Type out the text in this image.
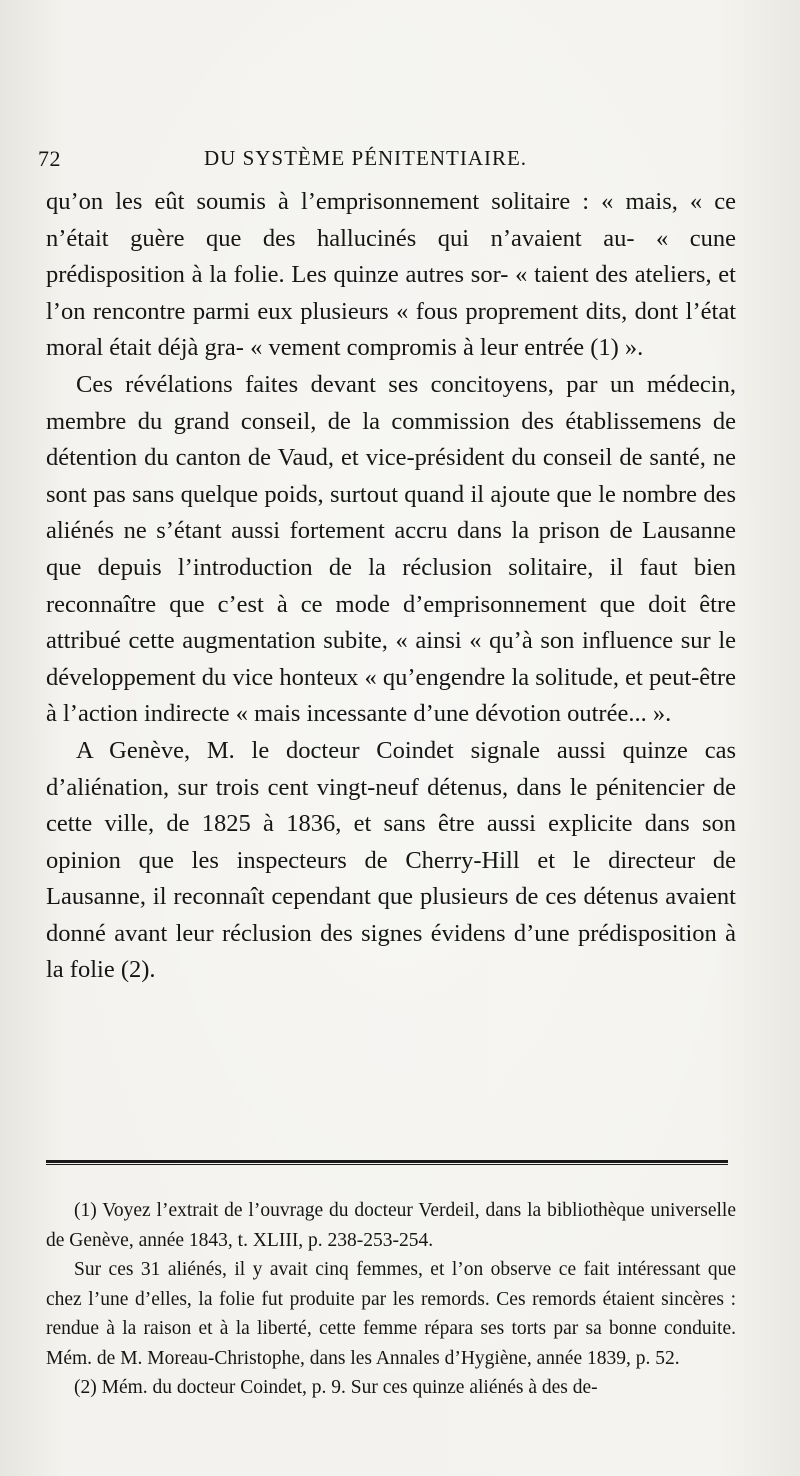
72	DU SYSTÈME PÉNITENTIAIRE.

qu’on les eût soumis à l’emprisonnement solitaire : « mais, « ce n’était guère que des hallucinés qui n’avaient au- « cune prédisposition à la folie. Les quinze autres sor- « taient des ateliers, et l’on rencontre parmi eux plusieurs « fous proprement dits, dont l’état moral était déjà gra- « vement compromis à leur entrée (1) ».

Ces révélations faites devant ses concitoyens, par un médecin, membre du grand conseil, de la commission des établissemens de détention du canton de Vaud, et vice-président du conseil de santé, ne sont pas sans quelque poids, surtout quand il ajoute que le nombre des aliénés ne s’étant aussi fortement accru dans la prison de Lausanne que depuis l’introduction de la réclusion solitaire, il faut bien reconnaître que c’est à ce mode d’emprisonnement que doit être attribué cette augmentation subite, « ainsi « qu’à son influence sur le développement du vice honteux « qu’engendre la solitude, et peut-être à l’action indirecte « mais incessante d’une dévotion outrée... ».

A Genève, M. le docteur Coindet signale aussi quinze cas d’aliénation, sur trois cent vingt-neuf détenus, dans le pénitencier de cette ville, de 1825 à 1836, et sans être aussi explicite dans son opinion que les inspecteurs de Cherry-Hill et le directeur de Lausanne, il reconnaît cependant que plusieurs de ces détenus avaient donné avant leur réclusion des signes évidens d’une prédisposition à la folie (2).

(1) Voyez l’extrait de l’ouvrage du docteur Verdeil, dans la bibliothèque universelle de Genève, année 1843, t. XLIII, p. 238-253-254.

Sur ces 31 aliénés, il y avait cinq femmes, et l’on observe ce fait intéressant que chez l’une d’elles, la folie fut produite par les remords. Ces remords étaient sincères : rendue à la raison et à la liberté, cette femme répara ses torts par sa bonne conduite. Mém. de M. Moreau-Christophe, dans les Annales d’Hygiène, année 1839, p. 52.

(2) Mém. du docteur Coindet, p. 9. Sur ces quinze aliénés à des de-
